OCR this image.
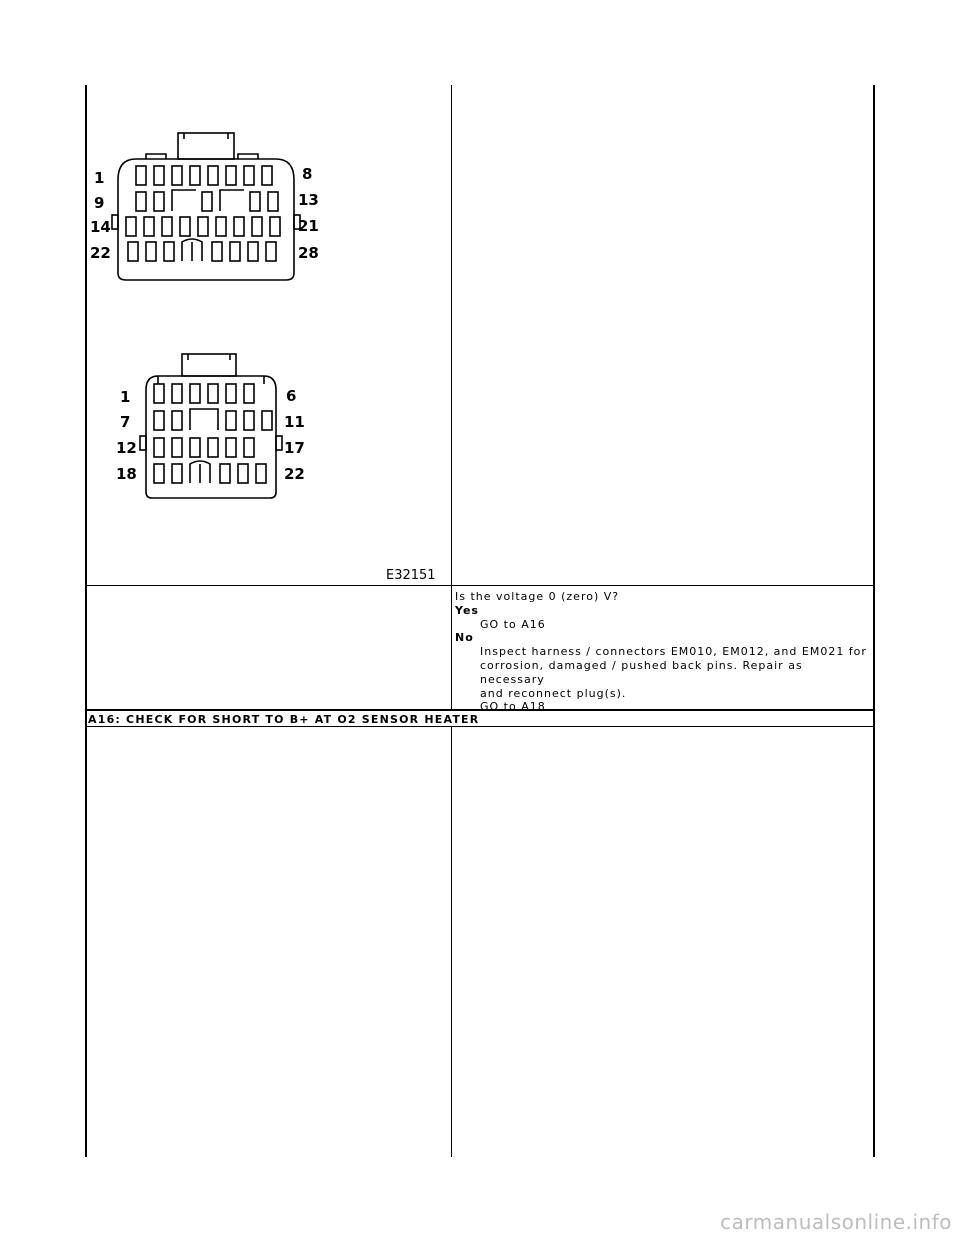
1
9
14
22
8
13
21
28
1
7
12
18
6
11
17
22
E32151
Is the voltage 0 (zero) V?
Yes
GO to A16
No
Inspect harness / connectors EM010, EM012, and EM021 for
corrosion, damaged / pushed back pins. Repair as necessary
and reconnect plug(s).
GO to A18
A16: CHECK FOR SHORT TO B+ AT O2 SENSOR HEATER
carmanualsonline.info
